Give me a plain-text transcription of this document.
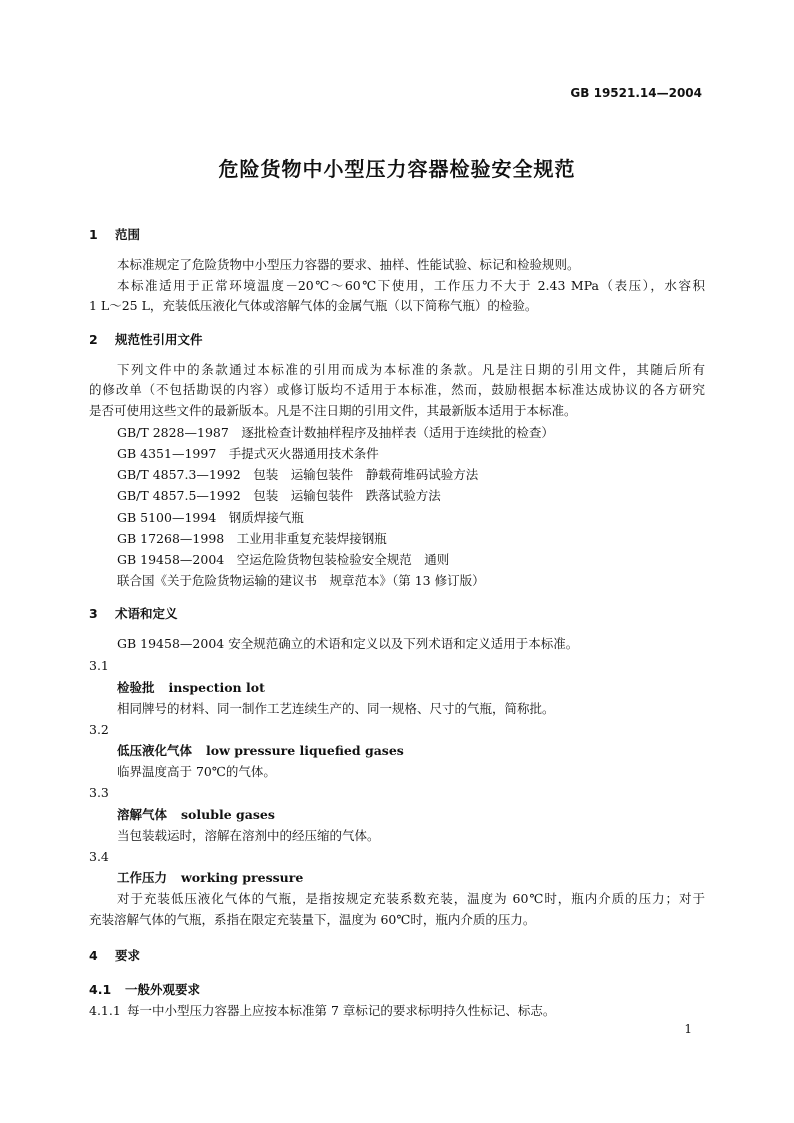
GB 19521.14—2004
危险货物中小型压力容器检验安全规范
1 范围
本标准规定了危险货物中小型压力容器的要求、抽样、性能试验、标记和检验规则。
本标准适用于正常环境温度－20℃～60℃下使用，工作压力不大于 2.43 MPa（表压），水容积
1 L～25 L，充装低压液化气体或溶解气体的金属气瓶（以下简称气瓶）的检验。
2 规范性引用文件
下列文件中的条款通过本标准的引用而成为本标准的条款。凡是注日期的引用文件，其随后所有
的修改单（不包括勘误的内容）或修订版均不适用于本标准，然而，鼓励根据本标准达成协议的各方研究
是否可使用这些文件的最新版本。凡是不注日期的引用文件，其最新版本适用于本标准。
GB/T 2828—1987　逐批检查计数抽样程序及抽样表（适用于连续批的检查）
GB 4351—1997　手提式灭火器通用技术条件
GB/T 4857.3—1992　包装　运输包装件　静载荷堆码试验方法
GB/T 4857.5—1992　包装　运输包装件　跌落试验方法
GB 5100—1994　钢质焊接气瓶
GB 17268—1998　工业用非重复充装焊接钢瓶
GB 19458—2004　空运危险货物包装检验安全规范　通则
联合国《关于危险货物运输的建议书　规章范本》（第 13 修订版）
3 术语和定义
GB 19458—2004 安全规范确立的术语和定义以及下列术语和定义适用于本标准。
3.1
检验批 inspection lot
相同牌号的材料、同一制作工艺连续生产的、同一规格、尺寸的气瓶，简称批。
3.2
低压液化气体 low pressure liquefied gases
临界温度高于 70℃的气体。
3.3
溶解气体 soluble gases
当包装载运时，溶解在溶剂中的经压缩的气体。
3.4
工作压力 working pressure
对于充装低压液化气体的气瓶，是指按规定充装系数充装，温度为 60℃时，瓶内介质的压力；对于
充装溶解气体的气瓶，系指在限定充装量下，温度为 60℃时，瓶内介质的压力。
4 要求
4.1 一般外观要求
4.1.1 每一中小型压力容器上应按本标准第 7 章标记的要求标明持久性标记、标志。
1
